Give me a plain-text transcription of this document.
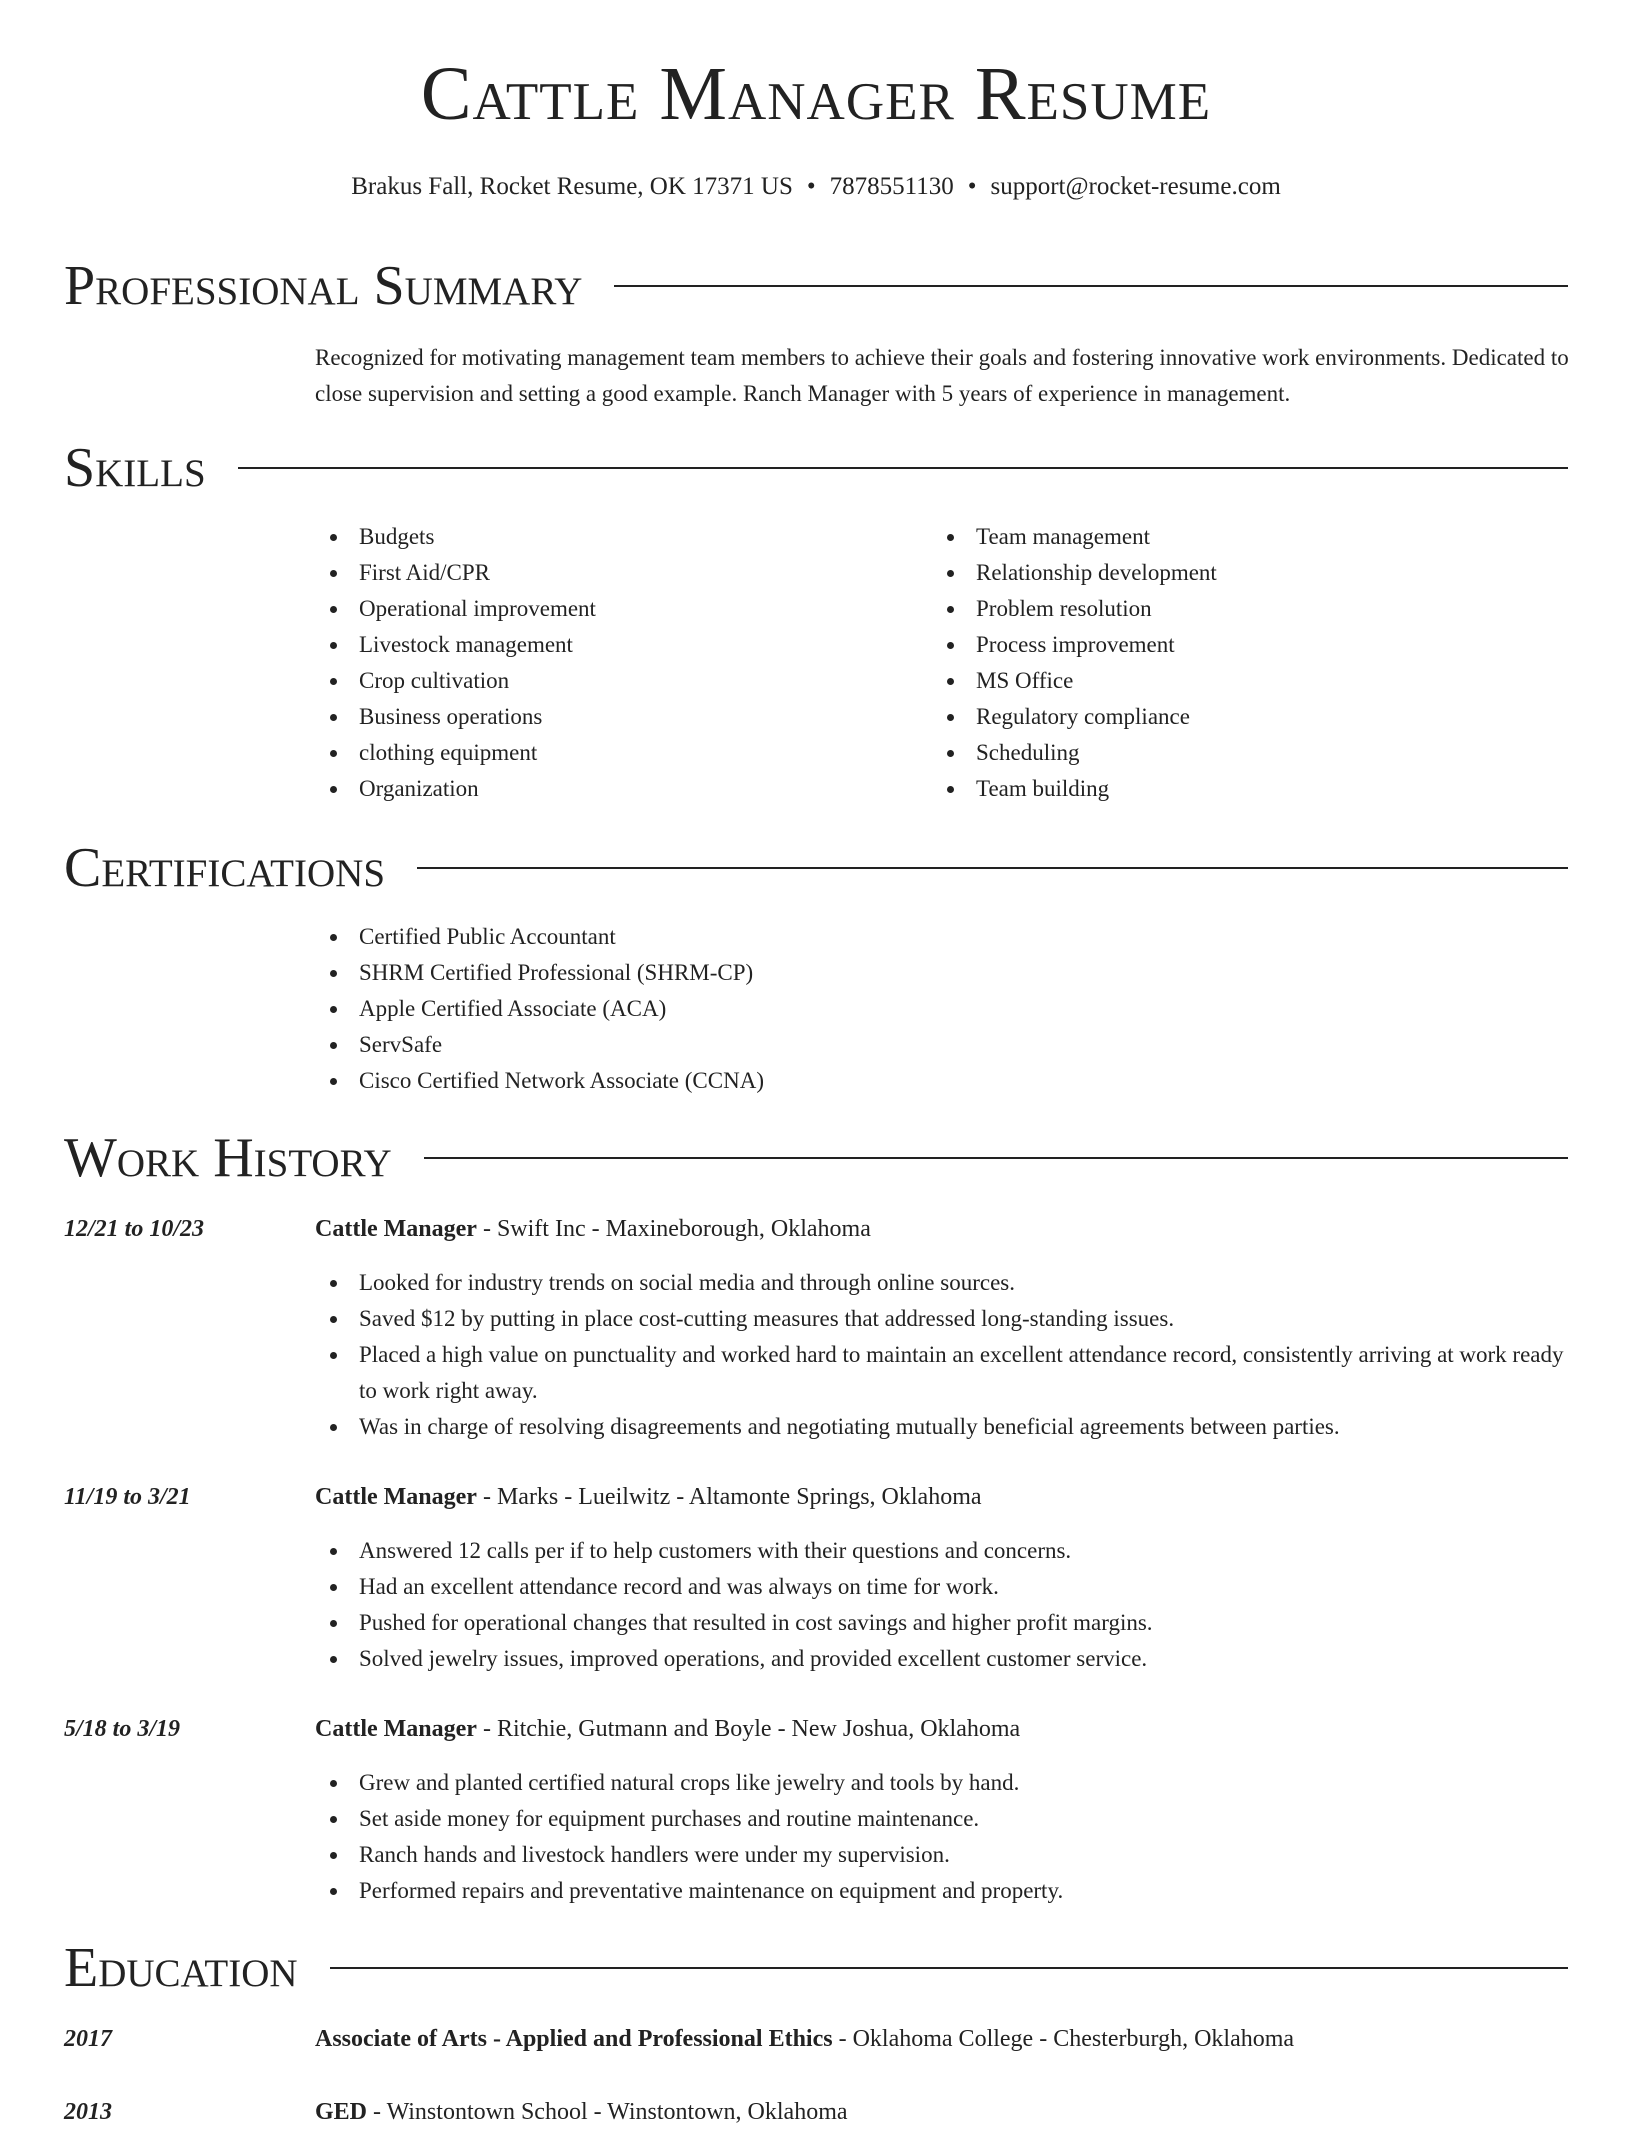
Cattle Manager Resume
Brakus Fall, Rocket Resume, OK 17371 US • 7878551130 • support@rocket-resume.com
Professional Summary
Recognized for motivating management team members to achieve their goals and fostering innovative work environments. Dedicated to close supervision and setting a good example. Ranch Manager with 5 years of experience in management.
Skills
Budgets
First Aid/CPR
Operational improvement
Livestock management
Crop cultivation
Business operations
clothing equipment
Organization
Team management
Relationship development
Problem resolution
Process improvement
MS Office
Regulatory compliance
Scheduling
Team building
Certifications
Certified Public Accountant
SHRM Certified Professional (SHRM-CP)
Apple Certified Associate (ACA)
ServSafe
Cisco Certified Network Associate (CCNA)
Work History
12/21 to 10/23	Cattle Manager - Swift Inc - Maxineborough, Oklahoma
Looked for industry trends on social media and through online sources.
Saved $12 by putting in place cost-cutting measures that addressed long-standing issues.
Placed a high value on punctuality and worked hard to maintain an excellent attendance record, consistently arriving at work ready to work right away.
Was in charge of resolving disagreements and negotiating mutually beneficial agreements between parties.
11/19 to 3/21	Cattle Manager - Marks - Lueilwitz - Altamonte Springs, Oklahoma
Answered 12 calls per if to help customers with their questions and concerns.
Had an excellent attendance record and was always on time for work.
Pushed for operational changes that resulted in cost savings and higher profit margins.
Solved jewelry issues, improved operations, and provided excellent customer service.
5/18 to 3/19	Cattle Manager - Ritchie, Gutmann and Boyle - New Joshua, Oklahoma
Grew and planted certified natural crops like jewelry and tools by hand.
Set aside money for equipment purchases and routine maintenance.
Ranch hands and livestock handlers were under my supervision.
Performed repairs and preventative maintenance on equipment and property.
Education
2017	Associate of Arts - Applied and Professional Ethics - Oklahoma College - Chesterburgh, Oklahoma
2013	GED - Winstontown School - Winstontown, Oklahoma
